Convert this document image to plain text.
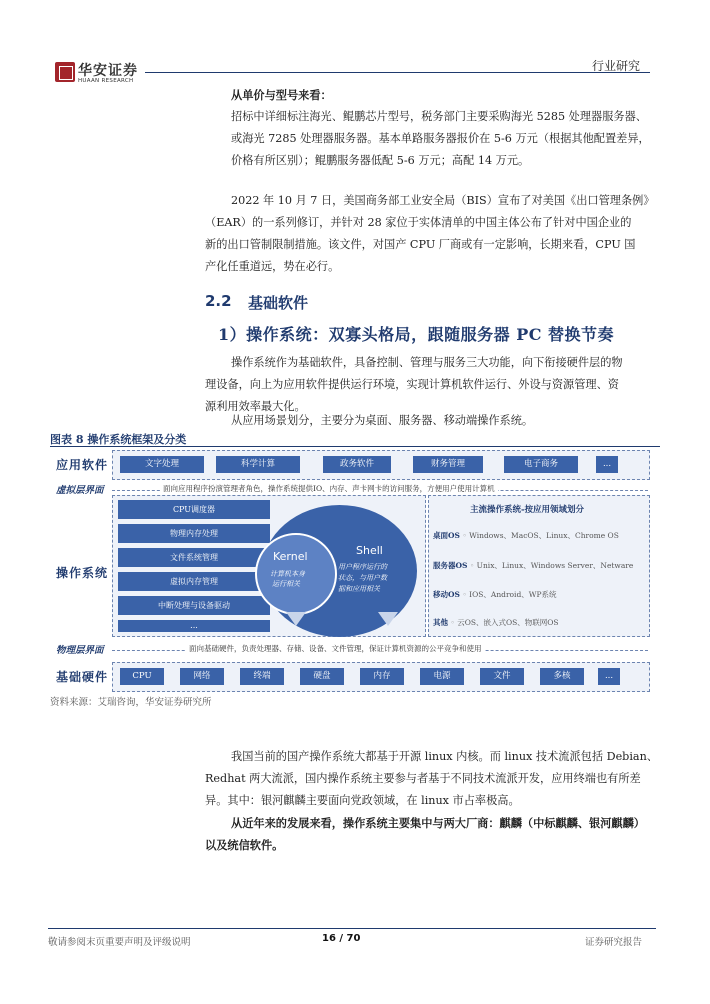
华安证券
HUAAN RESEARCH
行业研究
从单价与型号来看：
招标中详细标注海光、鲲鹏芯片型号，税务部门主要采购海光 5285 处理器服务器、
或海光 7285 处理器服务器。基本单路服务器报价在 5-6 万元（根据其他配置差异，
价格有所区别）；鲲鹏服务器低配 5-6 万元；高配 14 万元。
2022 年 10 月 7 日，美国商务部工业安全局（BIS）宣布了对美国《出口管理条例》
（EAR）的一系列修订，并针对 28 家位于实体清单的中国主体公布了针对中国企业的
新的出口管制限制措施。该文件，对国产 CPU 厂商或有一定影响，长期来看，CPU 国
产化任重道远，势在必行。
2.2 基础软件
1）操作系统：双寡头格局，跟随服务器 PC 替换节奏
操作系统作为基础软件，具备控制、管理与服务三大功能，向下衔接硬件层的物
理设备，向上为应用软件提供运行环境，实现计算机软件运行、外设与资源管理、资
源利用效率最大化。
从应用场景划分，主要分为桌面、服务器、移动端操作系统。
图表 8 操作系统框架及分类
应用软件	文字处理	科学计算	政务软件	财务管理	电子商务	...
虚拟层界面	面向应用程序扮演管理者角色，操作系统提供IO、内存、声卡网卡的访问服务，方便用户使用计算机
操作系统
CPU调度器
物理内存处理
文件系统管理
虚拟内存管理
中断处理与设备驱动
...
Kernel
计算机本身
运行相关
Shell
用户程序运行的
状态，与用户数
据和应用相关
主流操作系统-按应用领域划分
桌面OS ◦ Windows、MacOS、Linux、Chrome OS
服务器OS ◦ Unix、Linux、Windows Server、Netware
移动OS ◦ IOS、Android、WP系统
其他 ◦ 云OS、嵌入式OS、物联网OS
物理层界面	面向基础硬件，负责处理器、存储、设备、文件管理，保证计算机资源的公平竞争和使用
基础硬件	CPU	网络	终端	硬盘	内存	电源	文件	多核	...
资料来源：艾瑞咨询，华安证券研究所
我国当前的国产操作系统大都基于开源 linux 内核。而 linux 技术流派包括 Debian、
Redhat 两大流派，国内操作系统主要参与者基于不同技术流派开发，应用终端也有所差
异。其中：银河麒麟主要面向党政领域，在 linux 市占率极高。
从近年来的发展来看，操作系统主要集中与两大厂商：麒麟（中标麒麟、银河麒麟）
以及统信软件。
敬请参阅末页重要声明及评级说明	16 / 70	证券研究报告
